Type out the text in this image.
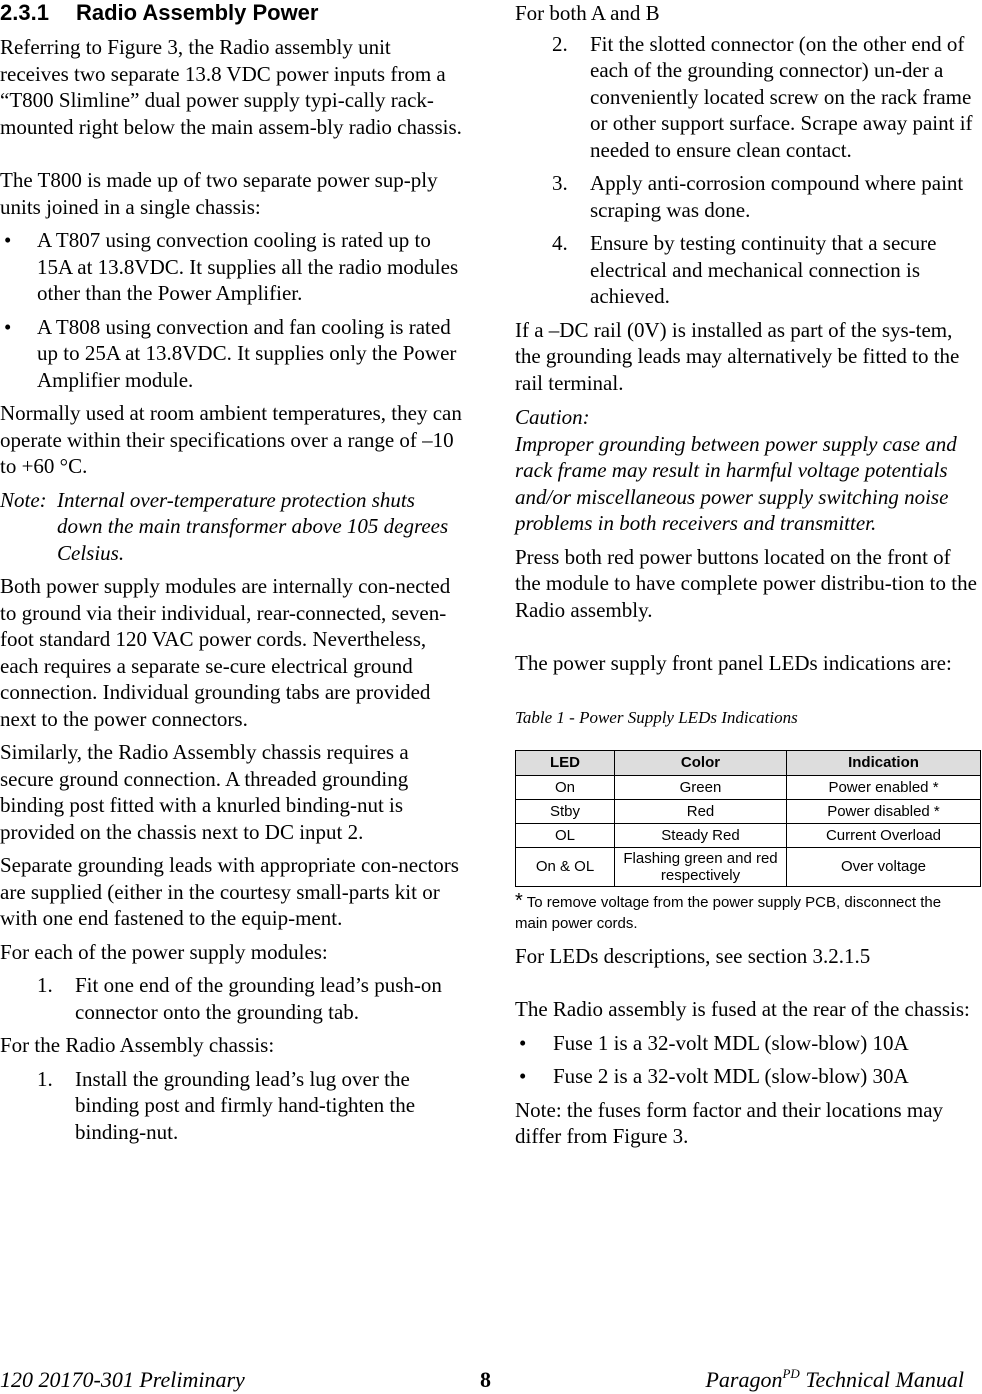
2.3.1 Radio Assembly Power

Referring to Figure 3, the Radio assembly unit receives two separate 13.8 VDC power inputs from a “T800 Slimline” dual power supply typi-cally rack-mounted right below the main assem-bly radio chassis.

The T800 is made up of two separate power sup-ply units joined in a single chassis:

• A T807 using convection cooling is rated up to 15A at 13.8VDC. It supplies all the radio modules other than the Power Amplifier.
• A T808 using convection and fan cooling is rated up to 25A at 13.8VDC. It supplies only the Power Amplifier module.

Normally used at room ambient temperatures, they can operate within their specifications over a range of –10 to +60 °C.

Note: Internal over-temperature protection shuts down the main transformer above 105 degrees Celsius.

Both power supply modules are internally con-nected to ground via their individual, rear-connected, seven-foot standard 120 VAC power cords. Nevertheless, each requires a separate se-cure electrical ground connection. Individual grounding tabs are provided next to the power connectors.

Similarly, the Radio Assembly chassis requires a secure ground connection. A threaded grounding binding post fitted with a knurled binding-nut is provided on the chassis next to DC input 2.

Separate grounding leads with appropriate con-nectors are supplied (either in the courtesy small-parts kit or with one end fastened to the equip-ment.

For each of the power supply modules:

1. Fit one end of the grounding lead’s push-on connector onto the grounding tab.

For the Radio Assembly chassis:

1. Install the grounding lead’s lug over the binding post and firmly hand-tighten the binding-nut.

For both A and B

2. Fit the slotted connector (on the other end of each of the grounding connector) un-der a conveniently located screw on the rack frame or other support surface. Scrape away paint if needed to ensure clean contact.
3. Apply anti-corrosion compound where paint scraping was done.
4. Ensure by testing continuity that a secure electrical and mechanical connection is achieved.

If a –DC rail (0V) is installed as part of the sys-tem, the grounding leads may alternatively be fitted to the rail terminal.

Caution:
Improper grounding between power supply case and rack frame may result in harmful voltage potentials and/or miscellaneous power supply switching noise problems in both receivers and transmitter.

Press both red power buttons located on the front of the module to have complete power distribu-tion to the Radio assembly.

The power supply front panel LEDs indications are:

Table 1 - Power Supply LEDs Indications
LED	Color	Indication
On	Green	Power enabled *
Stby	Red	Power disabled *
OL	Steady Red	Current Overload
On & OL	Flashing green and red respectively	Over voltage
* To remove voltage from the power supply PCB, disconnect the main power cords.

For LEDs descriptions, see section 3.2.1.5

The Radio assembly is fused at the rear of the chassis:

• Fuse 1 is a 32-volt MDL (slow-blow) 10A
• Fuse 2 is a 32-volt MDL (slow-blow) 30A

Note: the fuses form factor and their locations may differ from Figure 3.

120 20170-301 Preliminary	8	Paragon$^{PD}$ Technical Manual
